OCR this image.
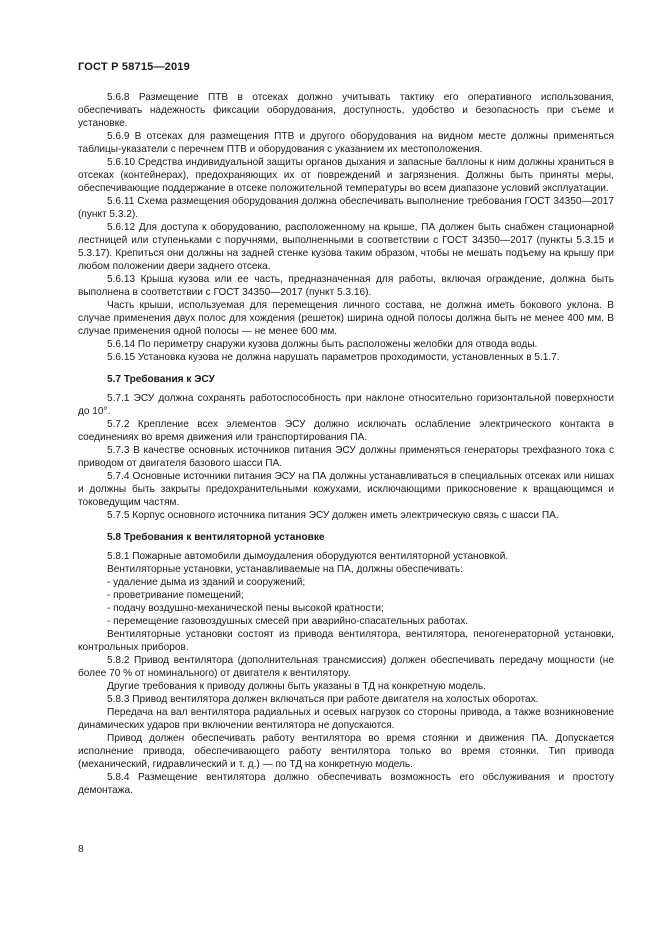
ГОСТ Р 58715—2019

5.6.8 Размещение ПТВ в отсеках должно учитывать тактику его оперативного использования, обеспечивать надежность фиксации оборудования, доступность, удобство и безопасность при съеме и установке.

5.6.9 В отсеках для размещения ПТВ и другого оборудования на видном месте должны применяться таблицы-указатели с перечнем ПТВ и оборудования с указанием их местоположения.

5.6.10 Средства индивидуальной защиты органов дыхания и запасные баллоны к ним должны храниться в отсеках (контейнерах), предохраняющих их от повреждений и загрязнения. Должны быть приняты меры, обеспечивающие поддержание в отсеке положительной температуры во всем диапазоне условий эксплуатации.

5.6.11 Схема размещения оборудования должна обеспечивать выполнение требования ГОСТ 34350—2017 (пункт 5.3.2).

5.6.12 Для доступа к оборудованию, расположенному на крыше, ПА должен быть снабжен стационарной лестницей или ступеньками с поручнями, выполненными в соответствии с ГОСТ 34350—2017 (пункты 5.3.15 и 5.3.17). Крепиться они должны на задней стенке кузова таким образом, чтобы не мешать подъему на крышу при любом положении двери заднего отсека.

5.6.13 Крыша кузова или ее часть, предназначенная для работы, включая ограждение, должна быть выполнена в соответствии с ГОСТ 34350—2017 (пункт 5.3.16).

Часть крыши, используемая для перемещения личного состава, не должна иметь бокового уклона. В случае применения двух полос для хождения (решеток) ширина одной полосы должна быть не менее 400 мм. В случае применения одной полосы — не менее 600 мм.

5.6.14 По периметру снаружи кузова должны быть расположены желобки для отвода воды.

5.6.15 Установка кузова не должна нарушать параметров проходимости, установленных в 5.1.7.

5.7 Требования к ЭСУ

5.7.1 ЭСУ должна сохранять работоспособность при наклоне относительно горизонтальной поверхности до 10°.

5.7.2 Крепление всех элементов ЭСУ должно исключать ослабление электрического контакта в соединениях во время движения или транспортирования ПА.

5.7.3 В качестве основных источников питания ЭСУ должны применяться генераторы трехфазного тока с приводом от двигателя базового шасси ПА.

5.7.4 Основные источники питания ЭСУ на ПА должны устанавливаться в специальных отсеках или нишах и должны быть закрыты предохранительными кожухами, исключающими прикосновение к вращающимся и токоведущим частям.

5.7.5 Корпус основного источника питания ЭСУ должен иметь электрическую связь с шасси ПА.

5.8 Требования к вентиляторной установке

5.8.1 Пожарные автомобили дымоудаления оборудуются вентиляторной установкой.

Вентиляторные установки, устанавливаемые на ПА, должны обеспечивать:

- удаление дыма из зданий и сооружений;

- проветривание помещений;

- подачу воздушно-механической пены высокой кратности;

- перемещение газовоздушных смесей при аварийно-спасательных работах.

Вентиляторные установки состоят из привода вентилятора, вентилятора, пеногенераторной установки, контрольных приборов.

5.8.2 Привод вентилятора (дополнительная трансмиссия) должен обеспечивать передачу мощности (не более 70 % от номинального) от двигателя к вентилятору.

Другие требования к приводу должны быть указаны в ТД на конкретную модель.

5.8.3 Привод вентилятора должен включаться при работе двигателя на холостых оборотах.

Передача на вал вентилятора радиальных и осевых нагрузок со стороны привода, а также возникновение динамических ударов при включении вентилятора не допускаются.

Привод должен обеспечивать работу вентилятора во время стоянки и движения ПА. Допускается исполнение привода, обеспечивающего работу вентилятора только во время стоянки. Тип привода (механический, гидравлический и т. д.) — по ТД на конкретную модель.

5.8.4 Размещение вентилятора должно обеспечивать возможность его обслуживания и простоту демонтажа.

8
